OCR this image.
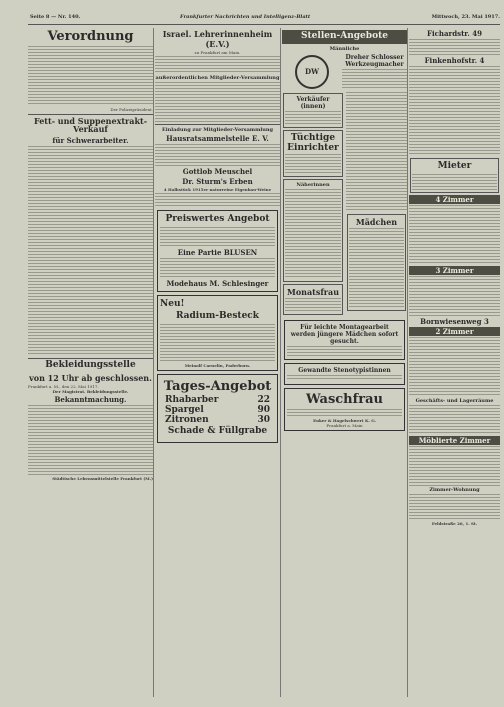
Seite 8 — Nr. 140.	Frankfurter Nachrichten und Intelligenz-Blatt	Mittwoch, 23. Mai 1917.
Verordnung
Der Polizeipräsident.
Fett- und Suppenextrakt-Verkauf
für Schwerarbeiter.
Bekleidungsstelle
von 12 Uhr ab geschlossen.
Frankfurt a. M., den 22. Mai 1917.
Der Magistrat. Bekleidungsstelle.
Bekanntmachung.
Städtische Lebensmittelstelle Frankfurt (M.)
Israel. Lehrerinnenheim (E.V.)
zu Frankfurt am Main.
außerordentlichen Mitglieder-Versammlung
Einladung zur Mitglieder-Versammlung
Hausratsammelstelle E. V.
Gottlob Meuschel
Dr. Sturm's Erben
4 Halbstück 1915er naturreine Eigenbau-Weine
Preiswertes Angebot
Eine Partie BLUSEN
Modehaus M. Schlesinger
Neu!
Radium-Besteck
Meinolf Carnelin, Paderborn.
Tages-Angebot
Rhabarber	22
Spargel	90
Zitronen	30
Schade & Füllgrabe
Stellen-Angebote
Männliche
DW
Dreher Schlosser Werkzeugmacher
Verkäufer (innen)
Tüchtige Einrichter
Näherinnen
Monatsfrau
Mädchen
Für leichte Montagearbeit werden jüngere Mädchen sofort gesucht.
Gewandte Stenotypistinnen
Waschfrau
Enker & Hagelschwert K. G.
Frankfurt a. Main
Fichardstr. 49
Finkenhofstr. 4
Mieter
4 Zimmer
3 Zimmer
Bornwiesenweg 3
2 Zimmer
Geschäfts- und Lagerräume
Möblierte Zimmer
Zimmer-Wohnung
Feldstraße 26, 1. St.
